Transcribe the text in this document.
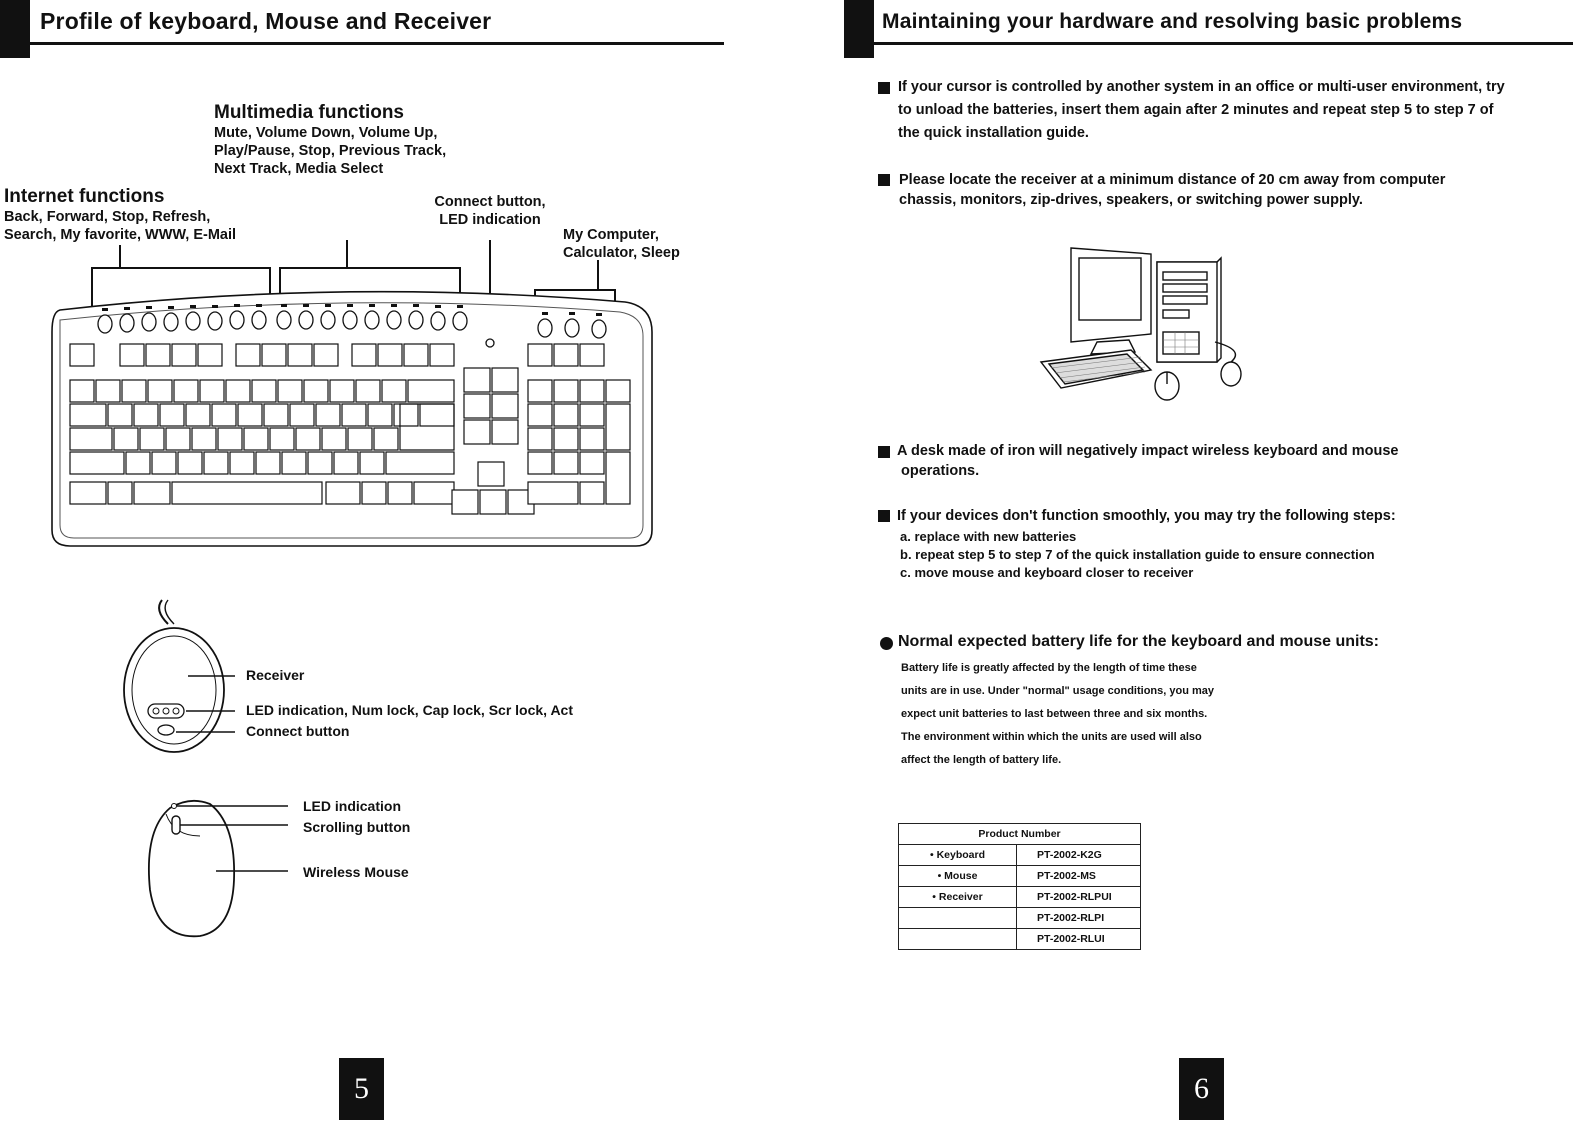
Profile of keyboard, Mouse and Receiver
Multimedia functions
Mute, Volume Down, Volume Up,
Play/Pause, Stop, Previous Track,
Next Track, Media Select
Internet functions
Back, Forward, Stop, Refresh,
Search, My favorite, WWW, E-Mail
Connect button,
LED indication
My Computer,
Calculator, Sleep
Receiver
LED indication, Num lock, Cap lock, Scr lock, Act
Connect button
LED indication
Scrolling button
Wireless Mouse
5
Maintaining your hardware and resolving basic problems
If your cursor is controlled by another system in an office or multi-user environment, try
to unload the batteries, insert them again after 2 minutes and repeat step 5 to step 7 of
the quick installation guide.
Please locate the receiver at a minimum distance of 20 cm away from computer
chassis, monitors, zip-drives, speakers, or switching power supply.
A desk made of iron will negatively impact wireless keyboard and mouse
operations.
If your devices don't function smoothly, you may try the following steps:
a. replace with new batteries
b. repeat step 5 to step 7 of the quick installation guide to ensure connection
c. move mouse and keyboard closer to receiver
Normal expected battery life for the keyboard and mouse units:
Battery life is greatly affected by the length of time these
units are in use. Under "normal" usage conditions, you may
expect unit batteries to last between three and six months.
The environment within which the units are used will also
affect the length of battery life.
Product Number	
• Keyboard	PT-2002-K2G
• Mouse	PT-2002-MS
• Receiver	PT-2002-RLPUI
	PT-2002-RLPI
	PT-2002-RLUI
6
